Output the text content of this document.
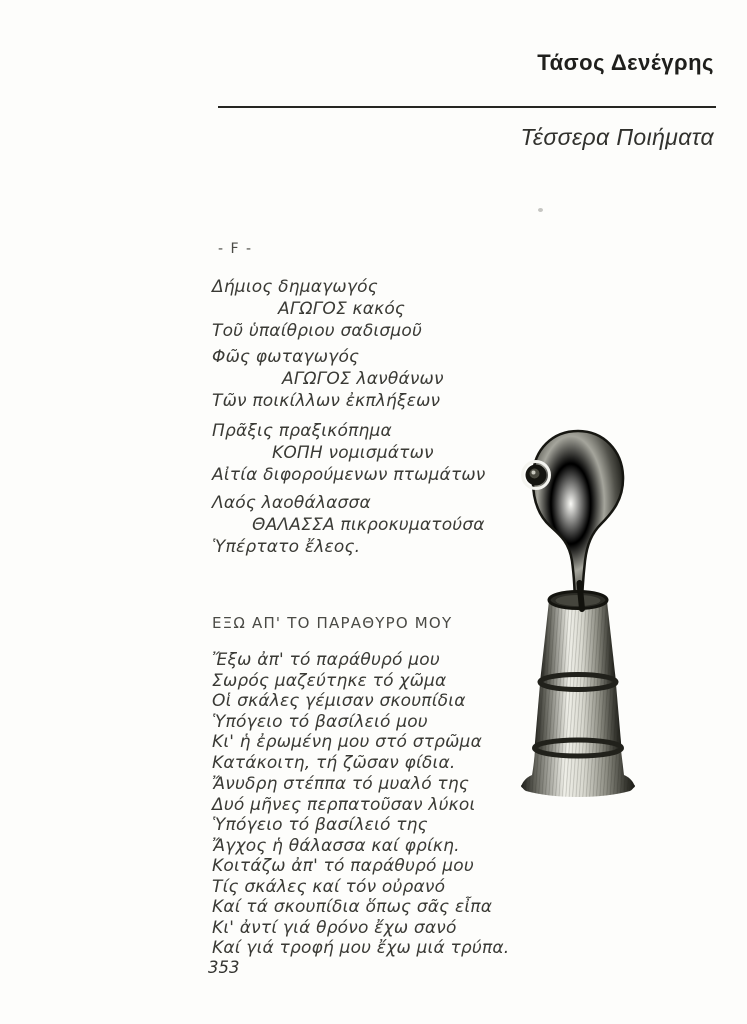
Τάσος Δενέγρης
Τέσσερα Ποιήματα
- F -

Δήμιος δημαγωγός

ΑΓΩΓΟΣ κακός

Τοῦ ὑπαίθριου σαδισμοῦ

Φῶς φωταγωγός

ΑΓΩΓΟΣ λανθάνων

Τῶν ποικίλλων ἐκπλήξεων

Πρᾶξις πραξικόπημα

ΚΟΠΗ νομισμάτων

Αἰτία διφορούμενων πτωμάτων

Λαός λαοθάλασσα

ΘΑΛΑΣΣΑ πικροκυματούσα

Ὑπέρτατο ἔλεος.

ΕΞΩ ΑΠ' ΤΟ ΠΑΡΑΘΥΡΟ ΜΟΥ

Ἔξω ἀπ' τό παράθυρό μου

Σωρός μαζεύτηκε τό χῶμα

Οἱ σκάλες γέμισαν σκουπίδια

Ὑπόγειο τό βασίλειό μου

Κι' ἡ ἐρωμένη μου στό στρῶμα

Κατάκοιτη, τή ζῶσαν φίδια.

Ἄνυδρη στέππα τό μυαλό της

Δυό μῆνες περπατοῦσαν λύκοι

Ὑπόγειο τό βασίλειό της

Ἄγχος ἡ θάλασσα καί φρίκη.

Κοιτάζω ἀπ' τό παράθυρό μου

Τίς σκάλες καί τόν οὐρανό

Καί τά σκουπίδια ὅπως σᾶς εἶπα

Κι' ἀντί γιά θρόνο ἔχω σανό

Καί γιά τροφή μου ἔχω μιά τρύπα.

353
